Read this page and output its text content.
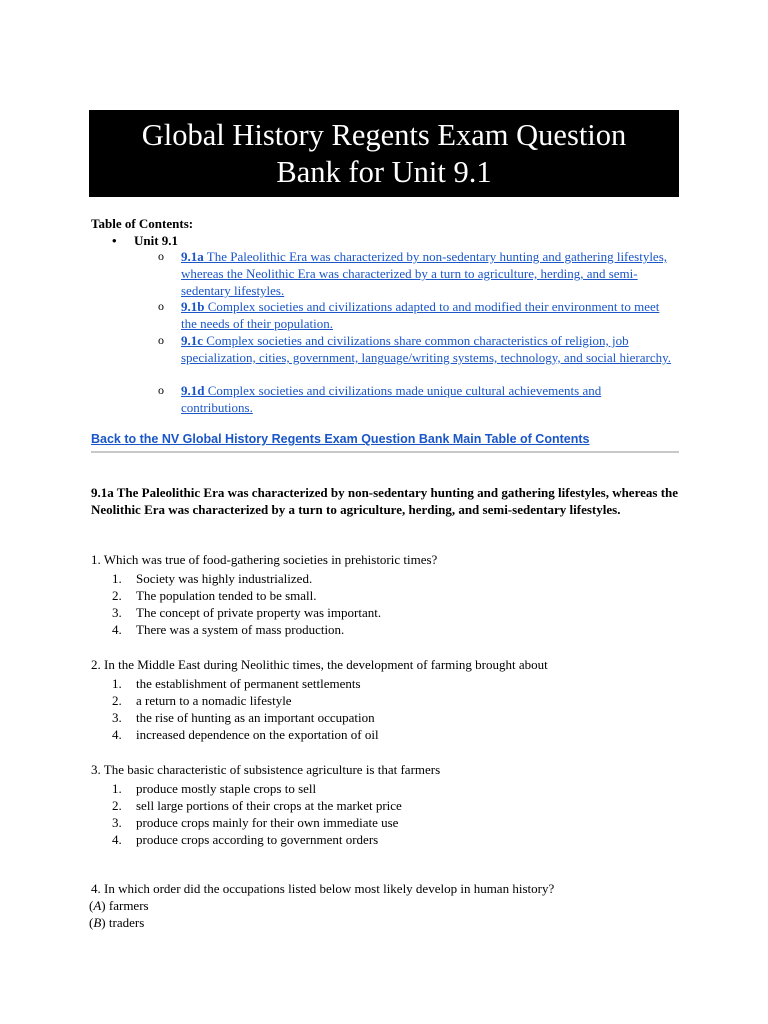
Global History Regents Exam Question Bank for Unit 9.1
Table of Contents:
• Unit 9.1
o 9.1a The Paleolithic Era was characterized by non-sedentary hunting and gathering lifestyles, whereas the Neolithic Era was characterized by a turn to agriculture, herding, and semi-sedentary lifestyles.
o 9.1b Complex societies and civilizations adapted to and modified their environment to meet the needs of their population.
o 9.1c Complex societies and civilizations share common characteristics of religion, job specialization, cities, government, language/writing systems, technology, and social hierarchy.
o 9.1d Complex societies and civilizations made unique cultural achievements and contributions.
Back to the NV Global History Regents Exam Question Bank Main Table of Contents
9.1a The Paleolithic Era was characterized by non-sedentary hunting and gathering lifestyles, whereas the Neolithic Era was characterized by a turn to agriculture, herding, and semi-sedentary lifestyles.
1. Which was true of food-gathering societies in prehistoric times?
1.	Society was highly industrialized.
2.	The population tended to be small.
3.	The concept of private property was important.
4.	There was a system of mass production.
2. In the Middle East during Neolithic times, the development of farming brought about
1.	the establishment of permanent settlements
2.	a return to a nomadic lifestyle
3.	the rise of hunting as an important occupation
4.	increased dependence on the exportation of oil
3. The basic characteristic of subsistence agriculture is that farmers
1.	produce mostly staple crops to sell
2.	sell large portions of their crops at the market price
3.	produce crops mainly for their own immediate use
4.	produce crops according to government orders
4. In which order did the occupations listed below most likely develop in human history?
(A) farmers
(B) traders
